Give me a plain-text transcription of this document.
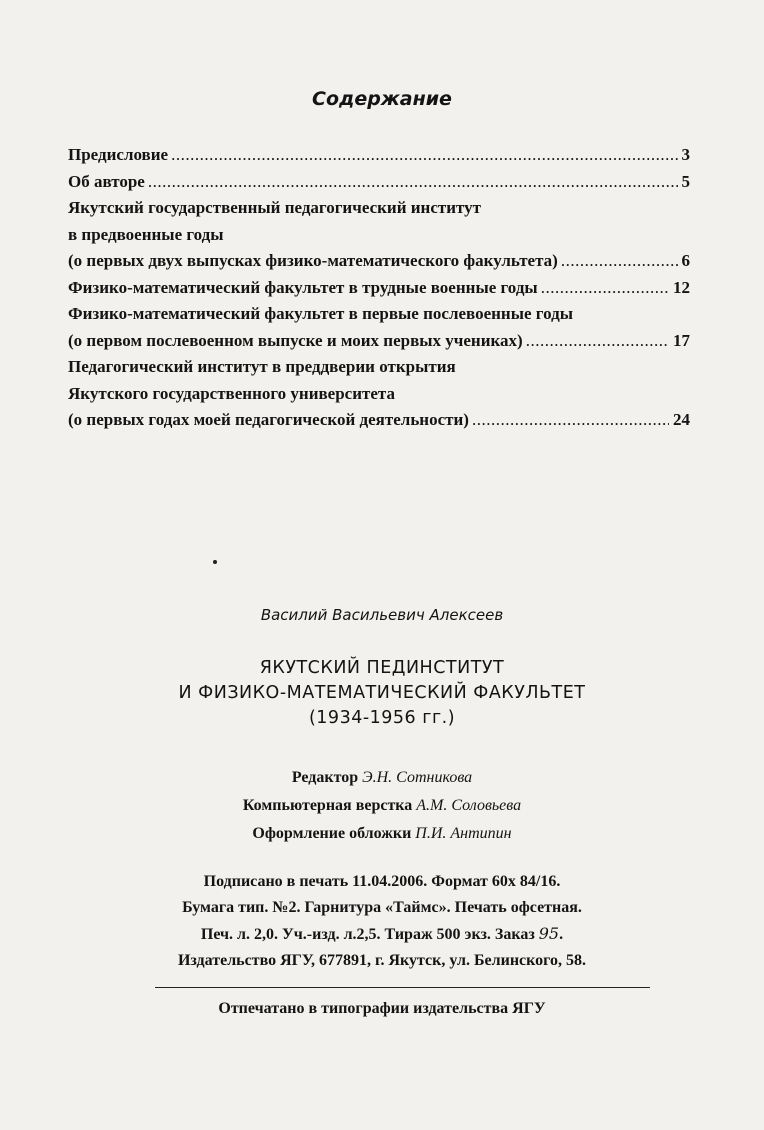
Содержание
Предисловие .....	3
Об авторе .....	5
Якутский государственный педагогический институт
в предвоенные годы
(о первых двух выпусках физико-математического факультета) .....	6
Физико-математический факультет в трудные военные годы .....	12
Физико-математический факультет в первые послевоенные годы
(о первом послевоенном выпуске и моих первых учениках) .....	17
Педагогический институт в преддверии открытия
Якутского государственного университета
(о первых годах моей педагогической деятельности) .....	24
Василий Васильевич Алексеев
ЯКУТСКИЙ ПЕДИНСТИТУТ
И ФИЗИКО-МАТЕМАТИЧЕСКИЙ ФАКУЛЬТЕТ
(1934-1956 гг.)
Редактор Э.Н. Сотникова
Компьютерная верстка А.М. Соловьева
Оформление обложки П.И. Антипин
Подписано в печать 11.04.2006. Формат 60x 84/16.
Бумага тип. №2. Гарнитура «Таймс». Печать офсетная.
Печ. л. 2,0. Уч.-изд. л.2,5. Тираж 500 экз. Заказ 95.
Издательство ЯГУ, 677891, г. Якутск, ул. Белинского, 58.
Отпечатано в типографии издательства ЯГУ
